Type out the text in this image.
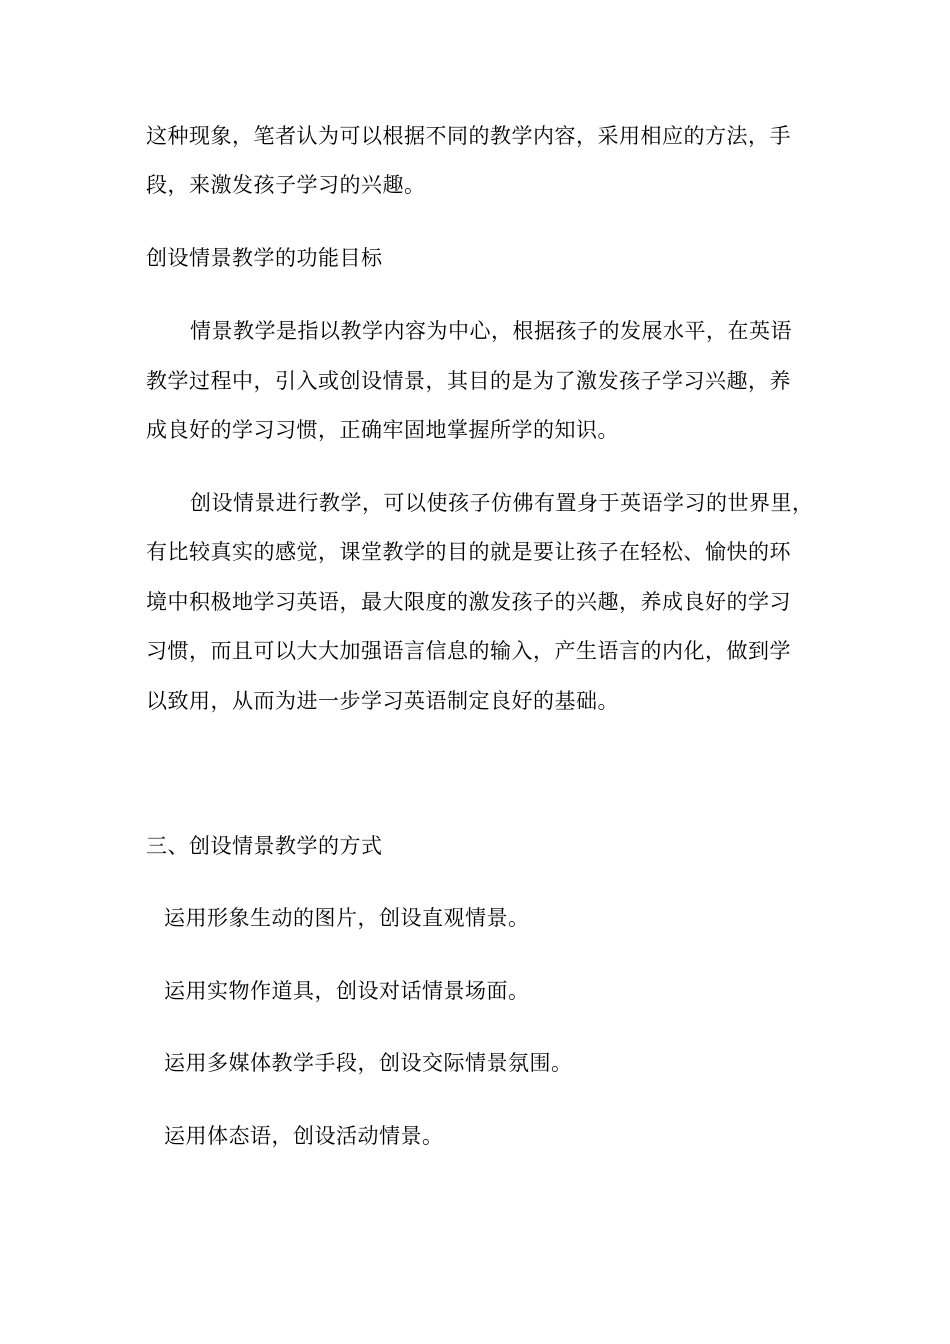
这种现象，笔者认为可以根据不同的教学内容，采用相应的方法，手
段，来激发孩子学习的兴趣。
创设情景教学的功能目标
情景教学是指以教学内容为中心，根据孩子的发展水平，在英语
教学过程中，引入或创设情景，其目的是为了激发孩子学习兴趣，养
成良好的学习习惯，正确牢固地掌握所学的知识。
创设情景进行教学，可以使孩子仿佛有置身于英语学习的世界里，
有比较真实的感觉，课堂教学的目的就是要让孩子在轻松、愉快的环
境中积极地学习英语，最大限度的激发孩子的兴趣，养成良好的学习
习惯，而且可以大大加强语言信息的输入，产生语言的内化，做到学
以致用，从而为进一步学习英语制定良好的基础。
三、创设情景教学的方式
运用形象生动的图片，创设直观情景。
运用实物作道具，创设对话情景场面。
运用多媒体教学手段，创设交际情景氛围。
运用体态语，创设活动情景。
